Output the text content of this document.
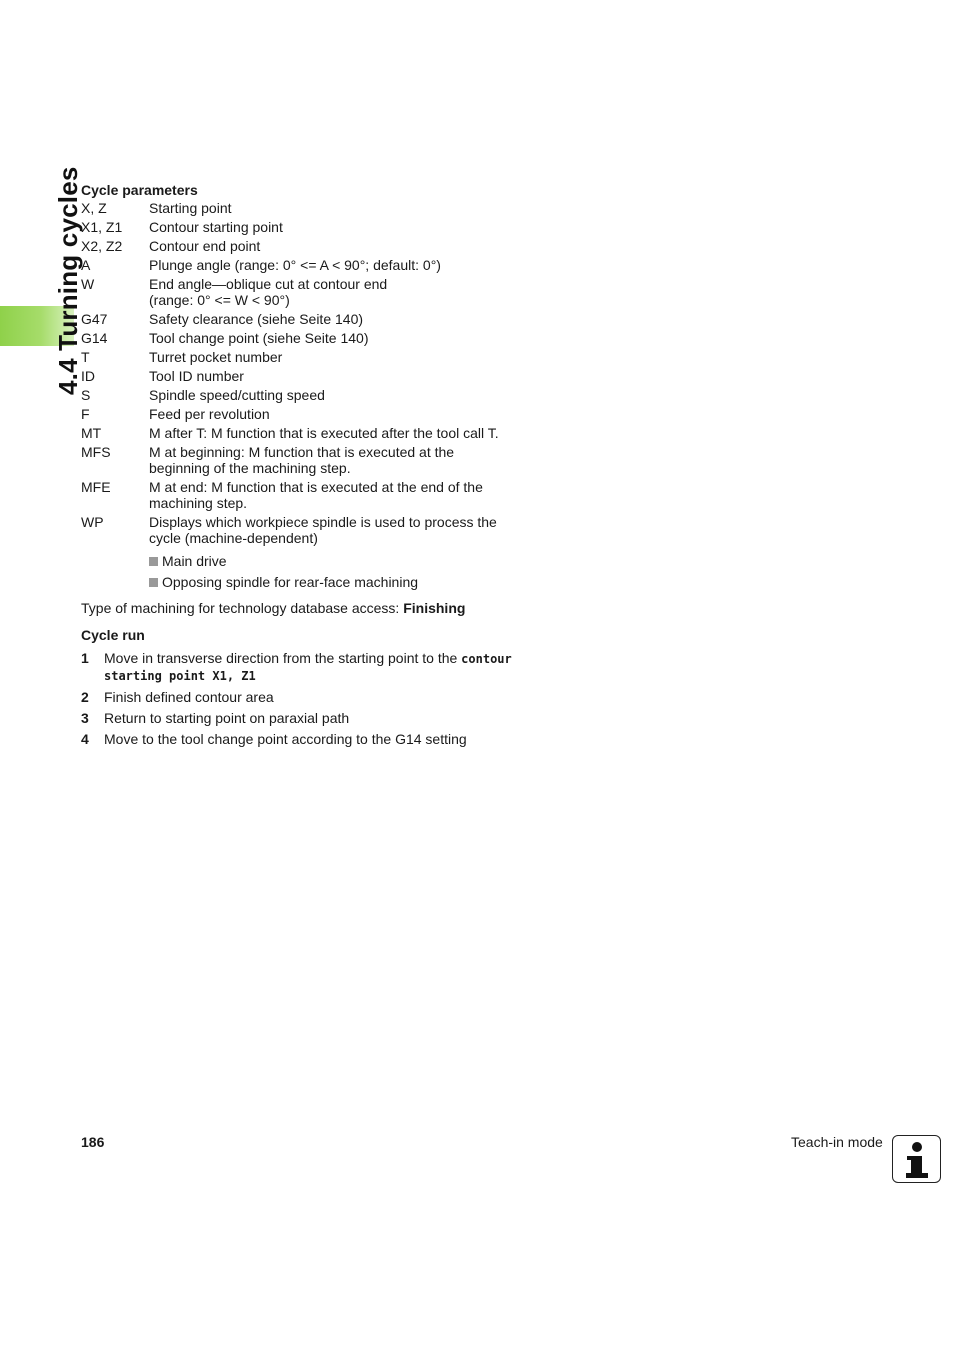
4.4 Turning cycles
Cycle parameters
X, Z	Starting point
X1, Z1	Contour starting point
X2, Z2	Contour end point
A	Plunge angle (range: 0° <= A < 90°; default: 0°)
W	End angle—oblique cut at contour end
(range: 0° <= W < 90°)
G47	Safety clearance (siehe Seite 140)
G14	Tool change point (siehe Seite 140)
T	Turret pocket number
ID	Tool ID number
S	Spindle speed/cutting speed
F	Feed per revolution
MT	M after T: M function that is executed after the tool call T.
MFS	M at beginning: M function that is executed at the
beginning of the machining step.
MFE	M at end: M function that is executed at the end of the
machining step.
WP	Displays which workpiece spindle is used to process the
cycle (machine-dependent)
Main drive
Opposing spindle for rear-face machining
Type of machining for technology database access: Finishing
Cycle run
1	Move in transverse direction from the starting point to the contour
starting point X1, Z1
2	Finish defined contour area
3	Return to starting point on paraxial path
4	Move to the tool change point according to the G14 setting
186	Teach-in mode
